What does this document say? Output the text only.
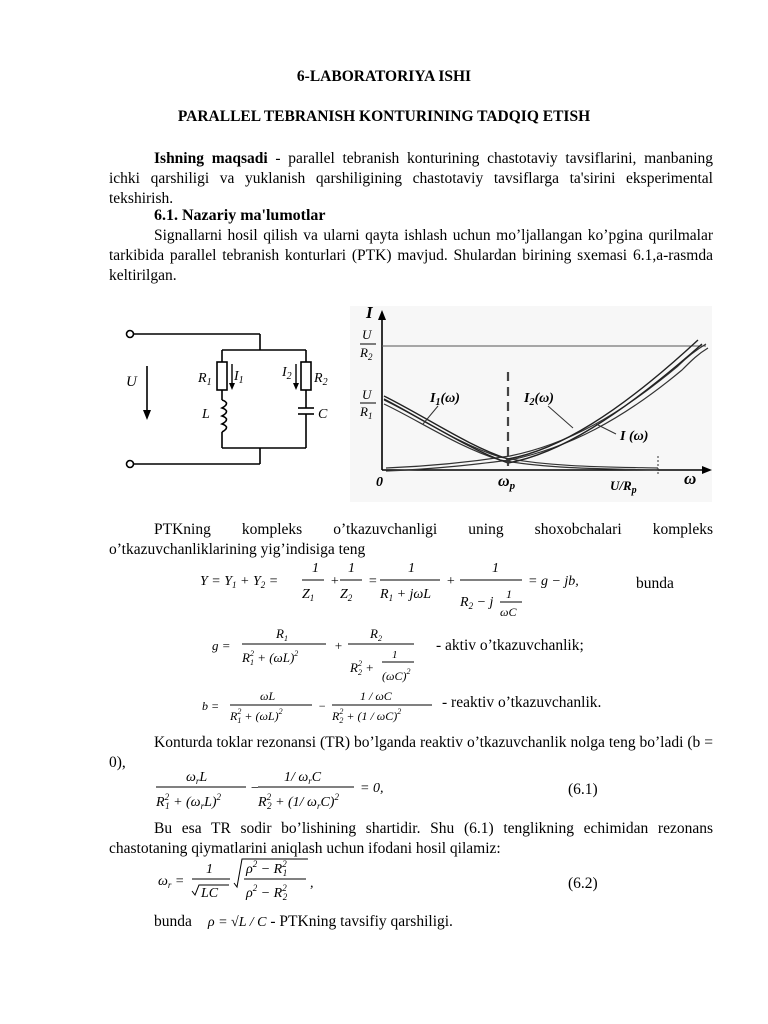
6-LABORATORIYA ISHI
PARALLEL TEBRANISH KONTURINING TADQIQ ETISH
Ishning maqsadi - parallel tebranish konturining chastotaviy tavsiflarini, manbaning ichki qarshiligi va yuklanish qarshiligining chastotaviy tavsiflarga ta'sirini eksperimental tekshirish.
6.1. Nazariy ma'lumotlar
Signallarni hosil qilish va ularni qayta ishlash uchun mo’ljallangan ko’pgina qurilmalar tarkibida parallel tebranish konturlari (PTK) mavjud. Shulardan birining sxemasi 6.1,a-rasmda keltirilgan.
U	$R_1$ $I_1$
$I_2$ $R_2$
L	C
I
U
$R_2$
U
$R_1$
0	ωp	$U/R_p$
ω
$I_1(\omega)$	$I_2(\omega)$
I (ω)
PTKning kompleks o’tkazuvchanligi uning shoxobchalari kompleks o’tkazuvchanliklarining yig’indisiga teng
$Y = Y_1 + Y_2$ =
1
$Z_1$
+
1
$Z_2$
=
1
$R_1 + j\omega L$
+
1
$R_2 - j$
1
ωC
= g − jb,	bunda
g =
$R_1$
$R^2$ $1 + (\omega L)^2$
+
$R_2$
$R^2$ 2 +
1
$(\omega C)^2$
- aktiv o’tkazuvchanlik;
b =
ωL
$R^2$ $1 + (\omega L)^2$	−
1 / ωC
$R^2$ 2 + (1 / ωC)$^2$
- reaktiv o’tkazuvchanlik.
Konturda toklar rezonansi (TR) bo’lganda reaktiv o’tkazuvchanlik nolga teng bo’ladi (b = 0),
$\omega_rL$
$R^2$ $1 + (\omega_rL)^2$
−
1/ $\omega_rC$
$R^2$ 2 + (1/ $\omega_rC)^2$
= 0,	(6.1)
Bu esa TR sodir bo’lishining shartidir. Shu (6.1) tenglikning echimidan rezonans chastotaning qiymatlarini aniqlash uchun ifodani hosil qilamiz:
$\omega_r$ =
1
LC
$\rho^2 - R^2$ 1
$\rho^2 - R^2$ 2
,	(6.2)
bunda ρ = √L / C - PTKning tavsifiy qarshiligi.
